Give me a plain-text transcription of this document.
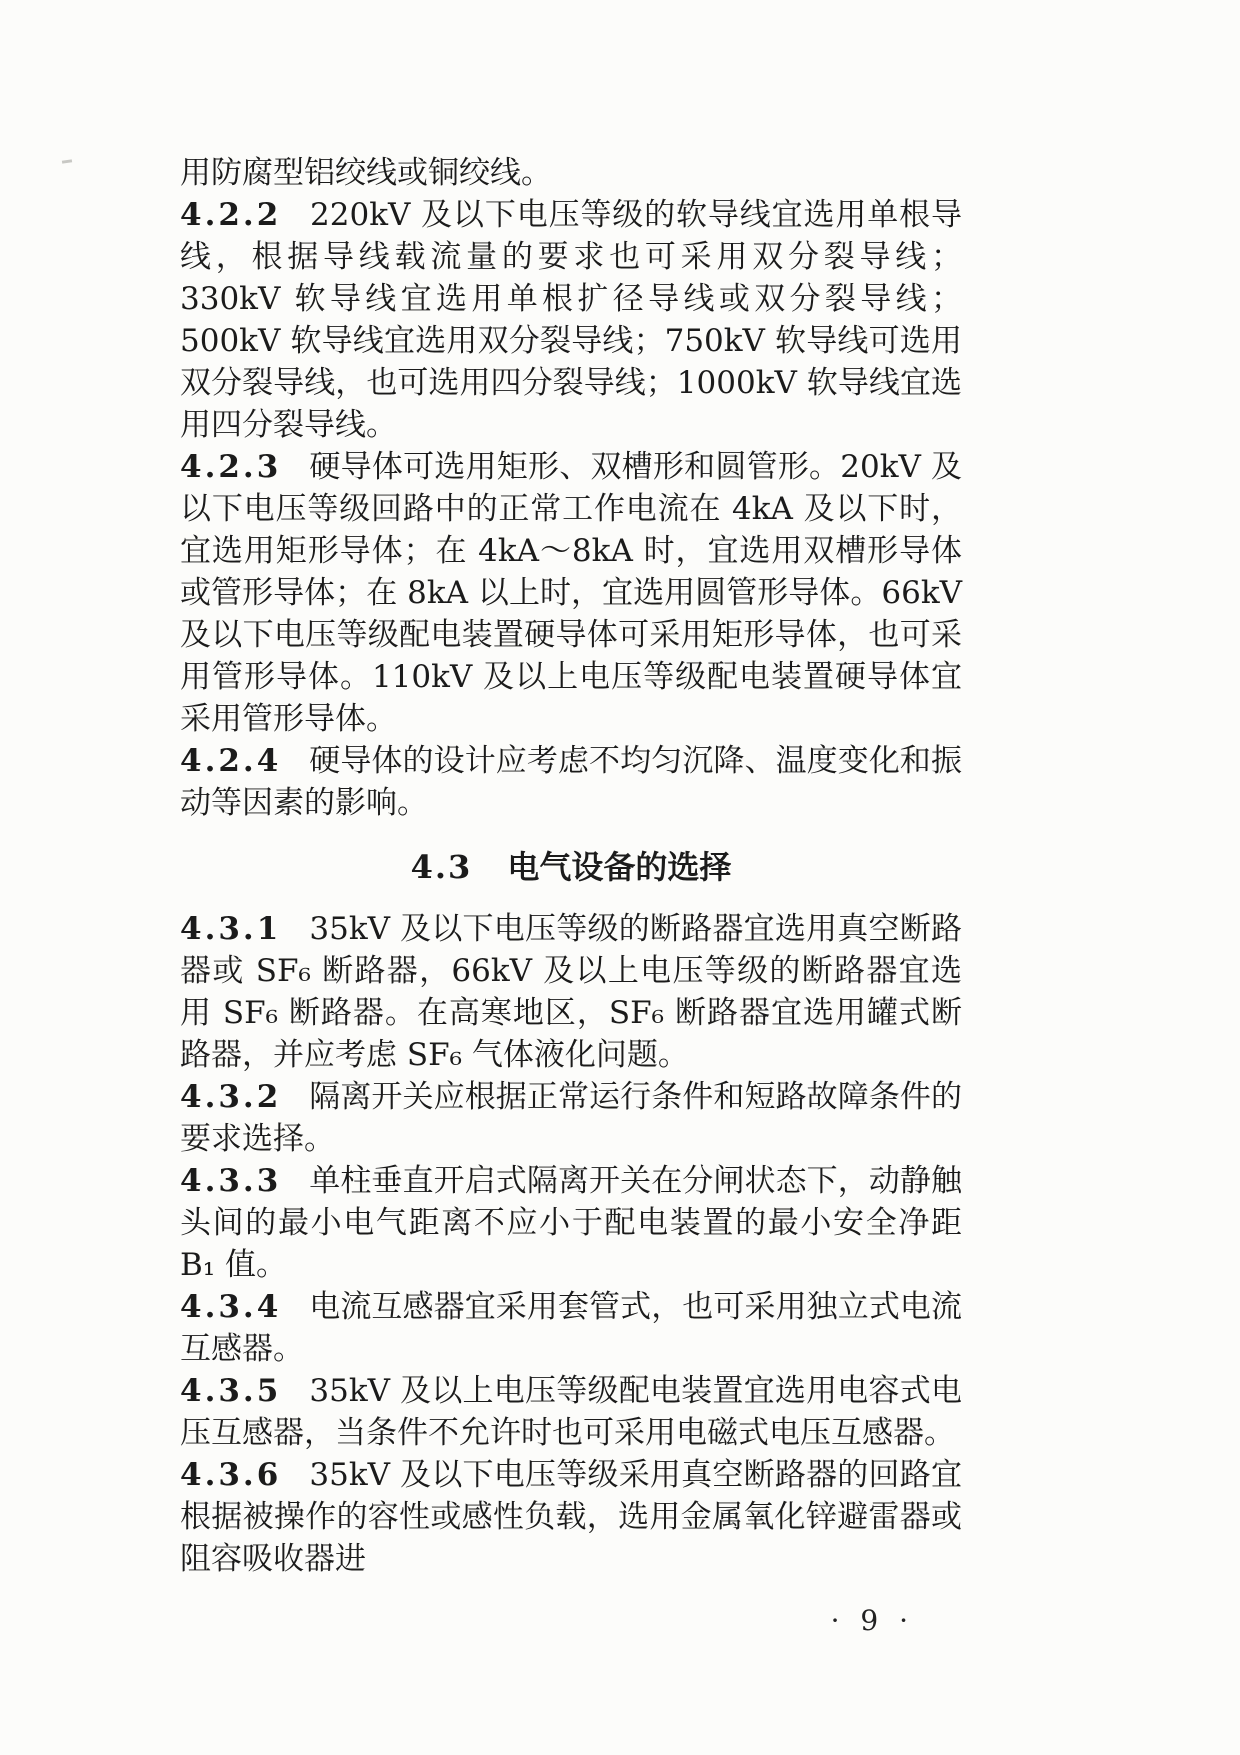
用防腐型铝绞线或铜绞线。

4.2.2 220kV 及以下电压等级的软导线宜选用单根导线，根据导线载流量的要求也可采用双分裂导线；330kV 软导线宜选用单根扩径导线或双分裂导线；500kV 软导线宜选用双分裂导线；750kV 软导线可选用双分裂导线，也可选用四分裂导线；1000kV 软导线宜选用四分裂导线。

4.2.3 硬导体可选用矩形、双槽形和圆管形。20kV 及以下电压等级回路中的正常工作电流在 4kA 及以下时，宜选用矩形导体；在 4kA～8kA 时，宜选用双槽形导体或管形导体；在 8kA 以上时，宜选用圆管形导体。66kV 及以下电压等级配电装置硬导体可采用矩形导体，也可采用管形导体。110kV 及以上电压等级配电装置硬导体宜采用管形导体。

4.2.4 硬导体的设计应考虑不均匀沉降、温度变化和振动等因素的影响。

4.3 电气设备的选择

4.3.1 35kV 及以下电压等级的断路器宜选用真空断路器或 SF₆ 断路器，66kV 及以上电压等级的断路器宜选用 SF₆ 断路器。在高寒地区，SF₆ 断路器宜选用罐式断路器，并应考虑 SF₆ 气体液化问题。

4.3.2 隔离开关应根据正常运行条件和短路故障条件的要求选择。

4.3.3 单柱垂直开启式隔离开关在分闸状态下，动静触头间的最小电气距离不应小于配电装置的最小安全净距 B₁ 值。

4.3.4 电流互感器宜采用套管式，也可采用独立式电流互感器。

4.3.5 35kV 及以上电压等级配电装置宜选用电容式电压互感器，当条件不允许时也可采用电磁式电压互感器。

4.3.6 35kV 及以下电压等级采用真空断路器的回路宜根据被操作的容性或感性负载，选用金属氧化锌避雷器或阻容吸收器进

· 9 ·
